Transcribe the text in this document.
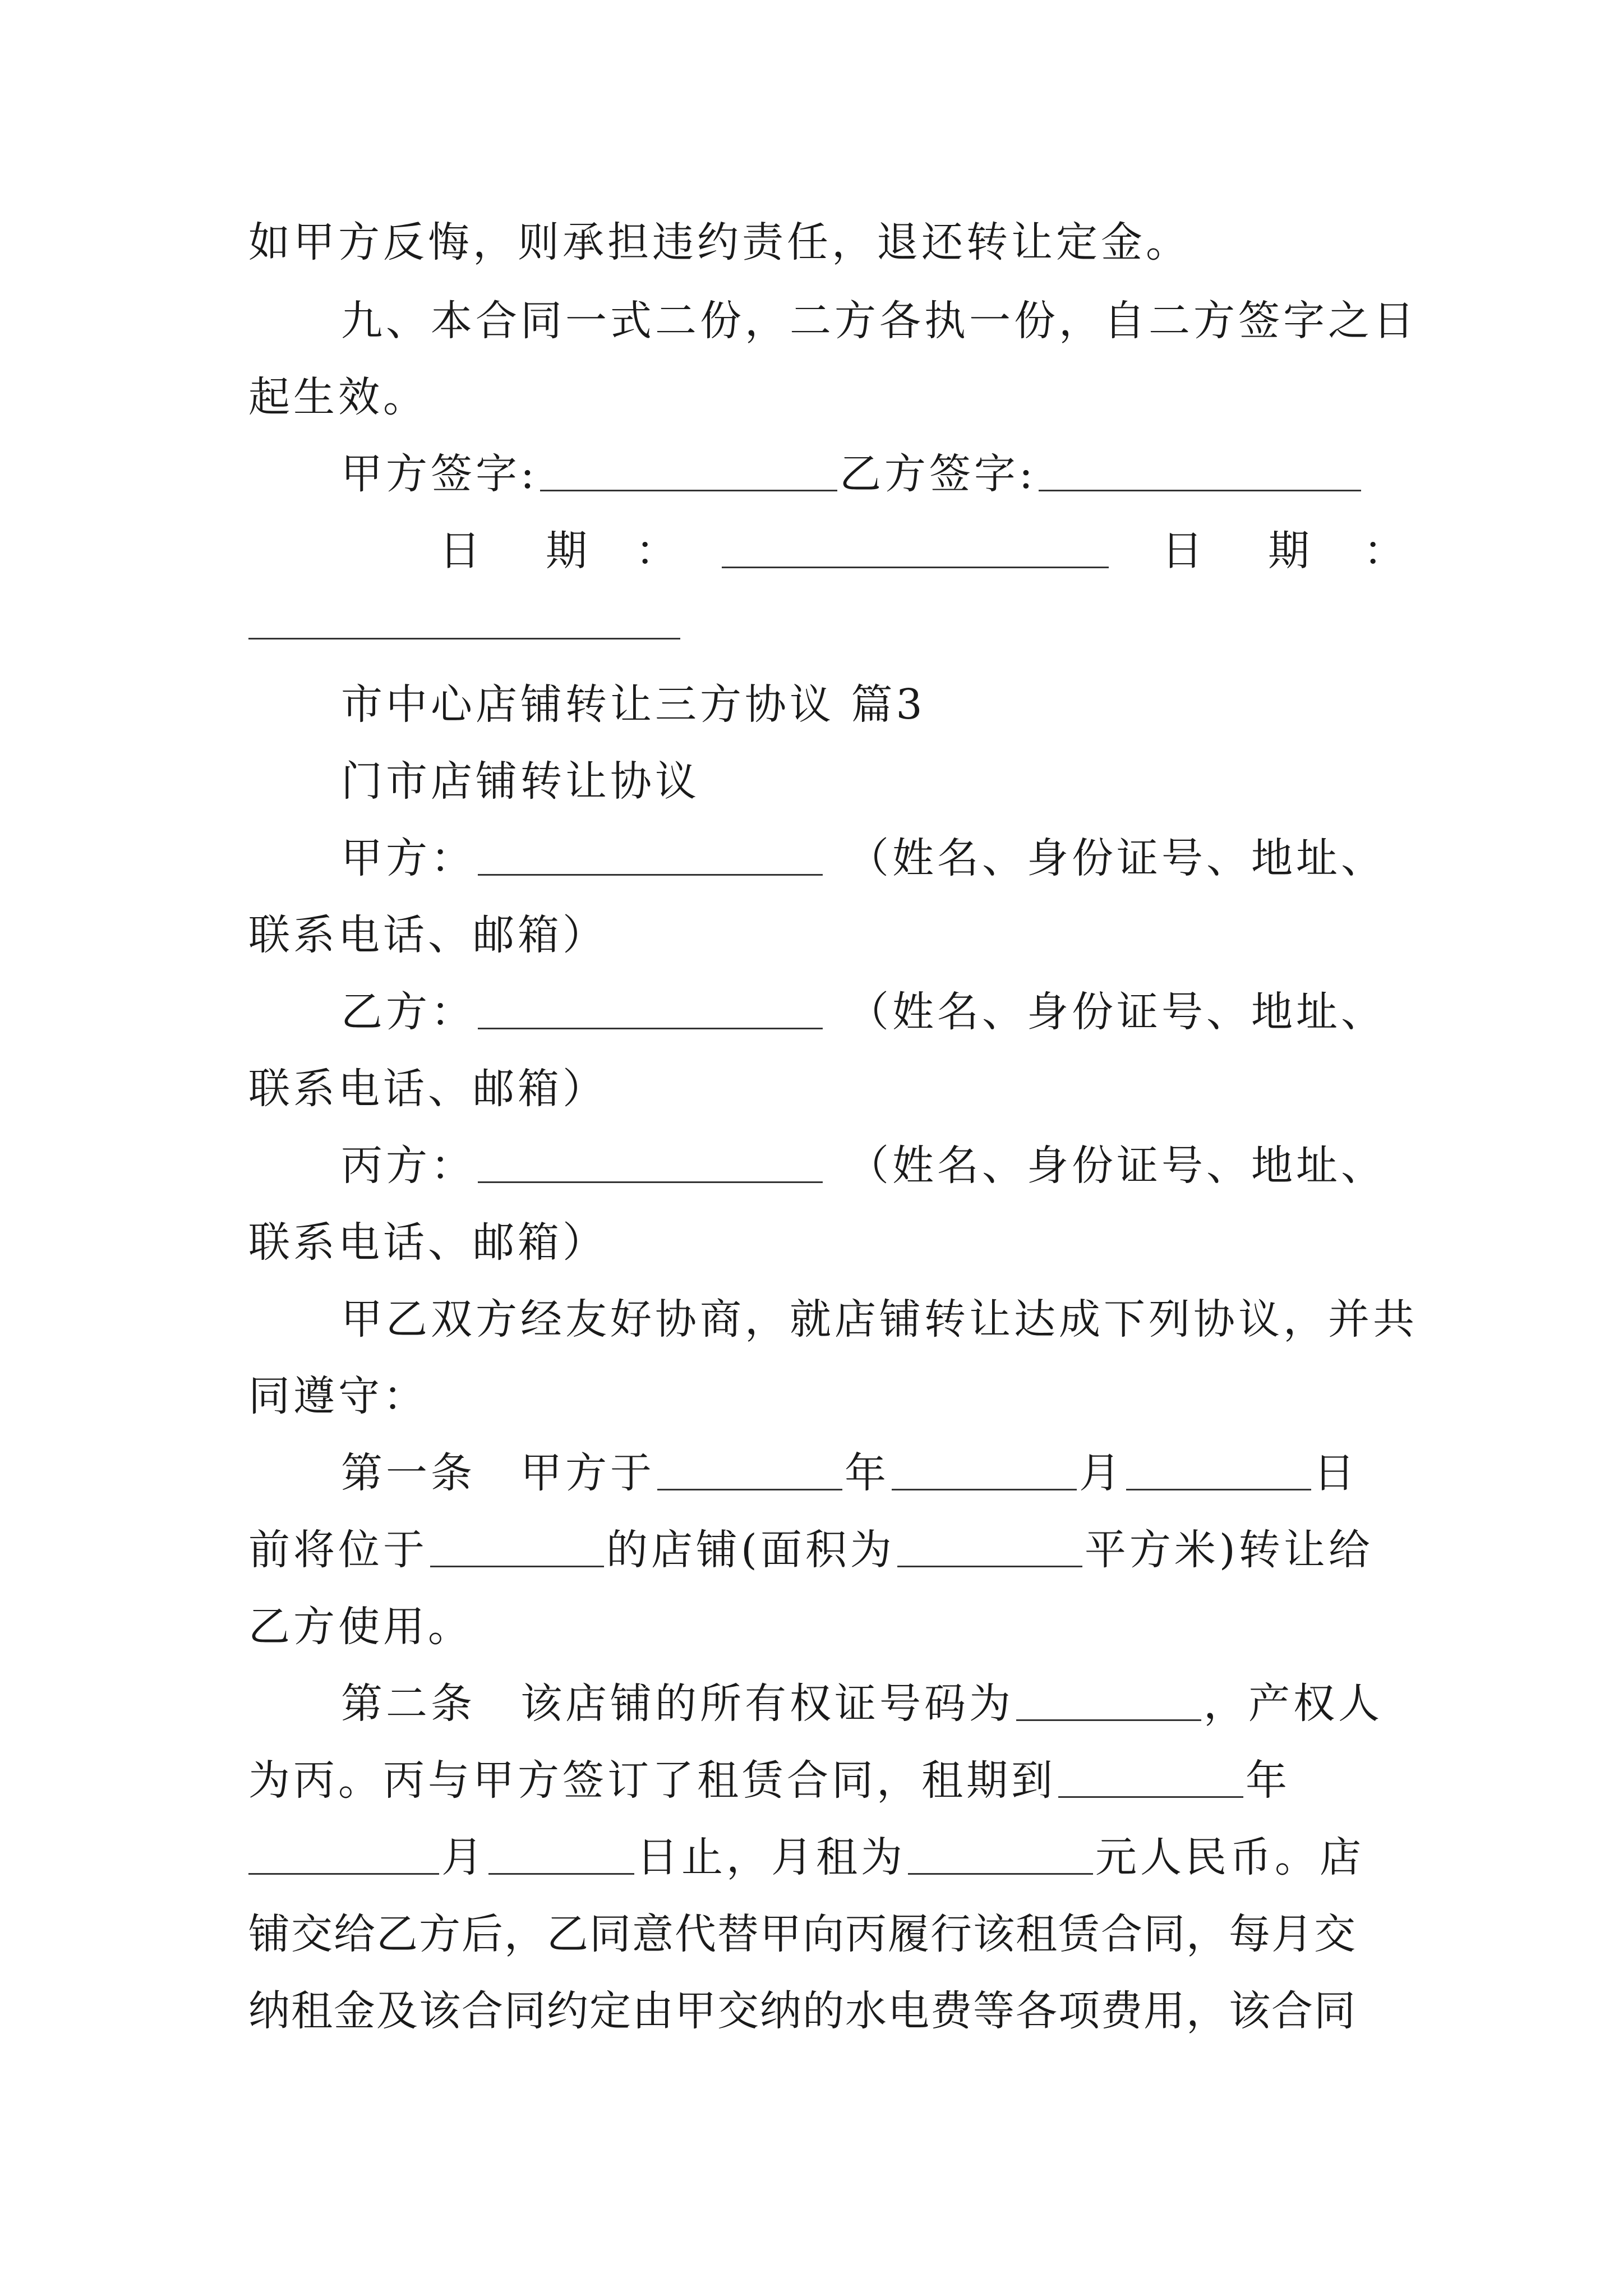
如甲方反悔，则承担违约责任，退还转让定金。
九、本合同一式二份，二方各执一份，自二方签字之日
起生效。
甲方签字:	乙方签字:
日 期 ：	日 期 ：
市中心店铺转让三方协议 篇3
门市店铺转让协议
甲方：	（姓名、身份证号、地址、
联系电话、邮箱）
乙方：	（姓名、身份证号、地址、
联系电话、邮箱）
丙方：	（姓名、身份证号、地址、
联系电话、邮箱）
甲乙双方经友好协商，就店铺转让达成下列协议，并共
同遵守：
第一条　甲方于	年	月	日
前将位于	的店铺(面积为	平方米)转让给
乙方使用。
第二条　该店铺的所有权证号码为	，产权人
为丙。丙与甲方签订了租赁合同，租期到	年
月	日止，月租为	元人民币。店
铺交给乙方后，乙同意代替甲向丙履行该租赁合同，每月交
纳租金及该合同约定由甲交纳的水电费等各项费用，该合同
